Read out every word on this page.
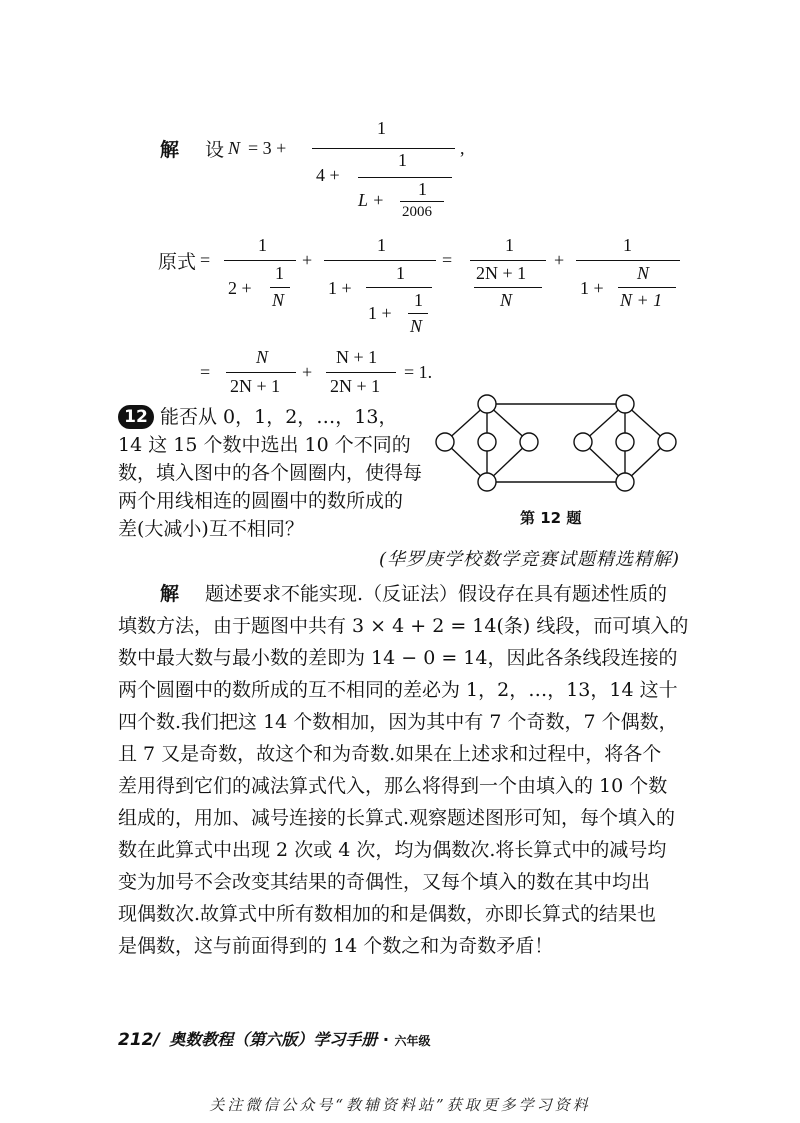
解 设 N = 3 +
1
,
4 +
1
L +
1
2006
原式 =
1
2 +
1
N
+
1
1 +
1
1 +
1
N
=
1
2N + 1
N
+
1
1 +
N
N + 1
=
N
2N + 1
+
N + 1
2N + 1
= 1.
12 能否从 0，1，2，…，13，
14 这 15 个数中选出 10 个不同的
数，填入图中的各个圆圈内，使得每
两个用线相连的圆圈中的数所成的
差(大减小)互不相同？	第 12 题
(华罗庚学校数学竞赛试题精选精解)
解 题述要求不能实现.（反证法）假设存在具有题述性质的
填数方法，由于题图中共有 3 × 4 + 2 = 14(条) 线段，而可填入的
数中最大数与最小数的差即为 14 − 0 = 14，因此各条线段连接的
两个圆圈中的数所成的互不相同的差必为 1，2，…，13，14 这十
四个数.我们把这 14 个数相加，因为其中有 7 个奇数，7 个偶数，
且 7 又是奇数，故这个和为奇数.如果在上述求和过程中，将各个
差用得到它们的减法算式代入，那么将得到一个由填入的 10 个数
组成的，用加、减号连接的长算式.观察题述图形可知，每个填入的
数在此算式中出现 2 次或 4 次，均为偶数次.将长算式中的减号均
变为加号不会改变其结果的奇偶性，又每个填入的数在其中均出
现偶数次.故算式中所有数相加的和是偶数，亦即长算式的结果也
是偶数，这与前面得到的 14 个数之和为奇数矛盾！
212/ 奥数教程（第六版）学习手册 · 六年级
关注微信公众号“教辅资料站”获取更多学习资料
